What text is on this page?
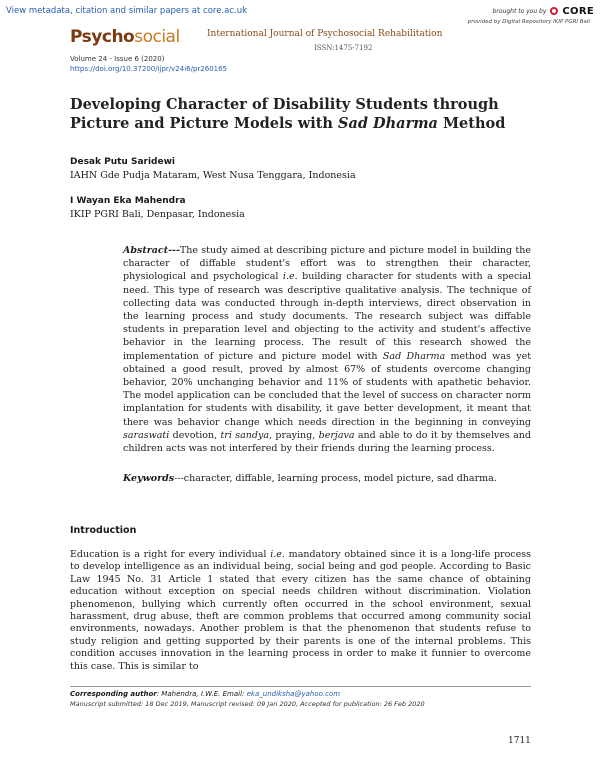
View metadata, citation and similar papers at core.ac.uk	brought to you by CORE
provided by Digital Repository IKIP PGRI Bali
Psychosocial	International Journal of Psychosocial Rehabilitation
ISSN:1475-7192
Volume 24 - Issue 6 (2020)
https://doi.org/10.37200/ijpr/v24i6/pr260165
Developing Character of Disability Students through
Picture and Picture Models with Sad Dharma Method
Desak Putu Saridewi
IAHN Gde Pudja Mataram, West Nusa Tenggara, Indonesia
I Wayan Eka Mahendra
IKIP PGRI Bali, Denpasar, Indonesia
Abstract---The study aimed at describing picture and picture model in building the character of diffable student's effort was to strengthen their character, physiological and psychological i.e. building character for students with a special need. This type of research was descriptive qualitative analysis. The technique of collecting data was conducted through in-depth interviews, direct observation in the learning process and study documents. The research subject was diffable students in preparation level and objecting to the activity and student's affective behavior in the learning process. The result of this research showed the implementation of picture and picture model with Sad Dharma method was yet obtained a good result, proved by almost 67% of students overcome changing behavior, 20% unchanging behavior and 11% of students with apathetic behavior. The model application can be concluded that the level of success on character norm implantation for students with disability, it gave better development, it meant that there was behavior change which needs direction in the beginning in conveying saraswati devotion, tri sandya, praying, berjava and able to do it by themselves and children acts was not interfered by their friends during the learning process.
Keywords---character, diffable, learning process, model picture, sad dharma.
Introduction
Education is a right for every individual i.e. mandatory obtained since it is a long-life process to develop intelligence as an individual being, social being and god people. According to Basic Law 1945 No. 31 Article 1 stated that every citizen has the same chance of obtaining education without exception on special needs children without discrimination. Violation phenomenon, bullying which currently often occurred in the school environment, sexual harassment, drug abuse, theft are common problems that occurred among community social environments, nowadays. Another problem is that the phenomenon that students refuse to study religion and getting supported by their parents is one of the internal problems. This condition accuses innovation in the learning process in order to make it funnier to overcome this case. This is similar to
Corresponding author: Mahendra, I.W.E. Email: eka_undiksha@yahoo.com
Manuscript submitted: 18 Dec 2019, Manuscript revised: 09 Jan 2020, Accepted for publication: 26 Feb 2020
1711
